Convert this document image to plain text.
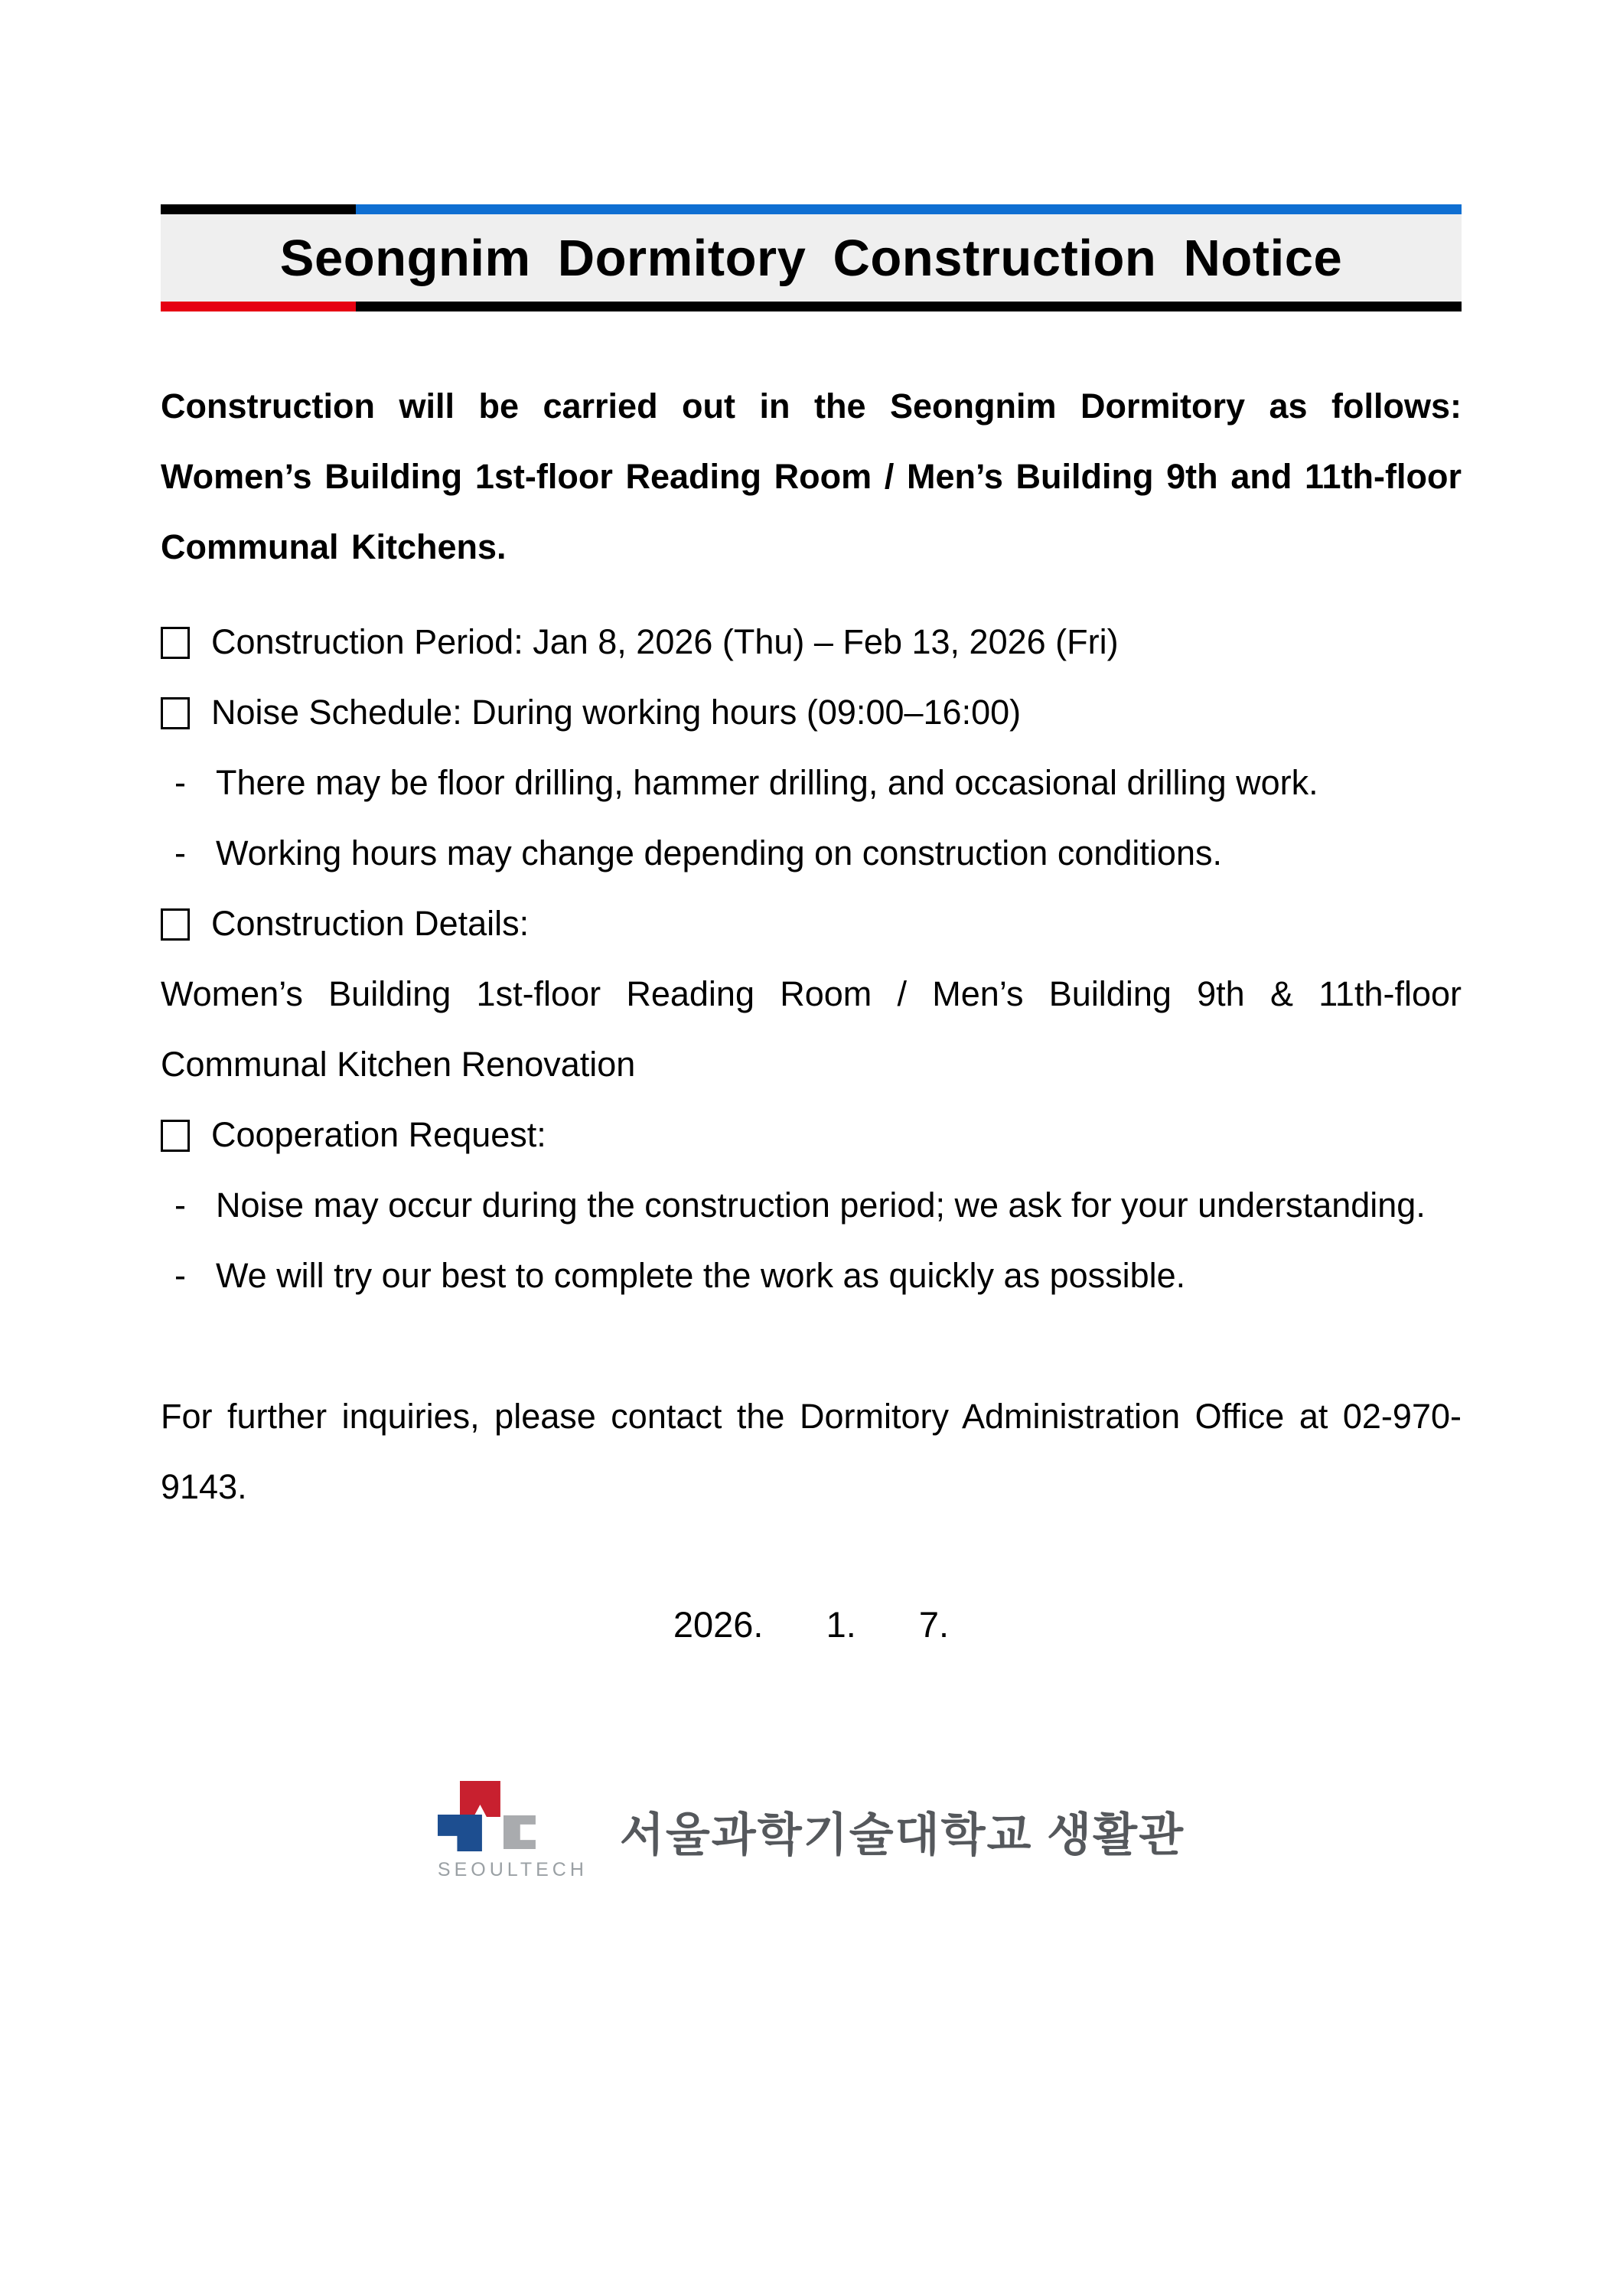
Seongnim Dormitory Construction Notice

Construction will be carried out in the Seongnim Dormitory as follows: Women’s Building 1st-floor Reading Room / Men’s Building 9th and 11th-floor Communal Kitchens.

Construction Period: Jan 8, 2026 (Thu) – Feb 13, 2026 (Fri)
Noise Schedule: During working hours (09:00–16:00)
- There may be floor drilling, hammer drilling, and occasional drilling work.
- Working hours may change depending on construction conditions.
Construction Details:

Women’s Building 1st-floor Reading Room / Men’s Building 9th & 11th-floor Communal Kitchen Renovation

Cooperation Request:
- Noise may occur during the construction period; we ask for your understanding.
- We will try our best to complete the work as quickly as possible.

For further inquiries, please contact the Dormitory Administration Office at 02-970-9143.

2026.  1.  7.
SEOULTECH
서울과학기술대학교 생활관
